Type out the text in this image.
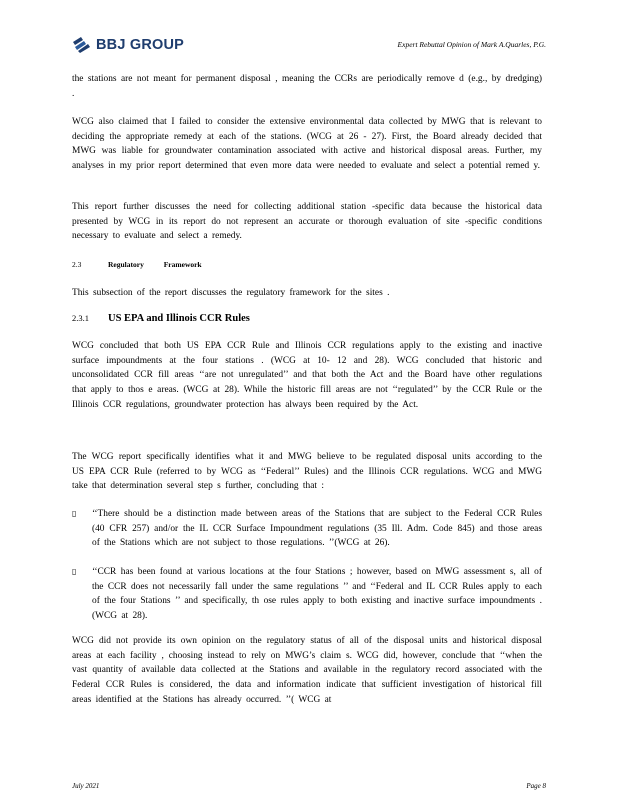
BBJ GROUP	Expert Rebuttal Opinion of Mark A.Quarles, P.G.

the stations are not meant for permanent disposal , meaning the CCRs are periodically remove d (e.g., by dredging) .

WCG also claimed that I failed to consider the extensive environmental data collected by MWG that is relevant to deciding the appropriate remedy at each of the stations. (WCG at 26 - 27). First, the Board already decided that MWG was liable for groundwater contamination associated with active and historical disposal areas. Further, my analyses in my prior report determined that even more data were needed to evaluate and select a potential remed y.

This report further discusses the need for collecting additional station -specific data because the historical data presented by WCG in its report do not represent an accurate or thorough evaluation of site -specific conditions necessary to evaluate and select a remedy.

2.3	Regulatory Framework

This subsection of the report discusses the regulatory framework for the sites .

2.3.1 US EPA and Illinois CCR Rules

WCG concluded that both US EPA CCR Rule and Illinois CCR regulations apply to the existing and inactive surface impoundments at the four stations . (WCG at 10- 12 and 28). WCG concluded that historic and unconsolidated CCR fill areas ‘‘are not unregulated’’ and that both the Act and the Board have other regulations that apply to thos e areas. (WCG at 28). While the historic fill areas are not ‘‘regulated’’ by the CCR Rule or the Illinois CCR regulations, groundwater protection has always been required by the Act.

The WCG report specifically identifies what it and MWG believe to be regulated disposal units according to the US EPA CCR Rule (referred to by WCG as ‘‘Federal’’ Rules) and the Illinois CCR regulations. WCG and MWG take that determination several step s further, concluding that :

▯ ‘‘There should be a distinction made between areas of the Stations that are subject to the Federal CCR Rules (40 CFR 257) and/or the IL CCR Surface Impoundment regulations (35 Ill. Adm. Code 845) and those areas of the Stations which are not subject to those regulations. ’’(WCG at 26).

▯ ‘‘CCR has been found at various locations at the four Stations ; however, based on MWG assessment s, all of the CCR does not necessarily fall under the same regulations ’’ and ‘‘Federal and IL CCR Rules apply to each of the four Stations ’’ and specifically, th ose rules apply to both existing and inactive surface impoundments . (WCG at 28).

WCG did not provide its own opinion on the regulatory status of all of the disposal units and historical disposal areas at each facility , choosing instead to rely on MWG’s claim s. WCG did, however, conclude that ‘‘when the vast quantity of available data collected at the Stations and available in the regulatory record associated with the Federal CCR Rules is considered, the data and information indicate that sufficient investigation of historical fill areas identified at the Stations has already occurred. ’’( WCG at

July 2021	Page 8
